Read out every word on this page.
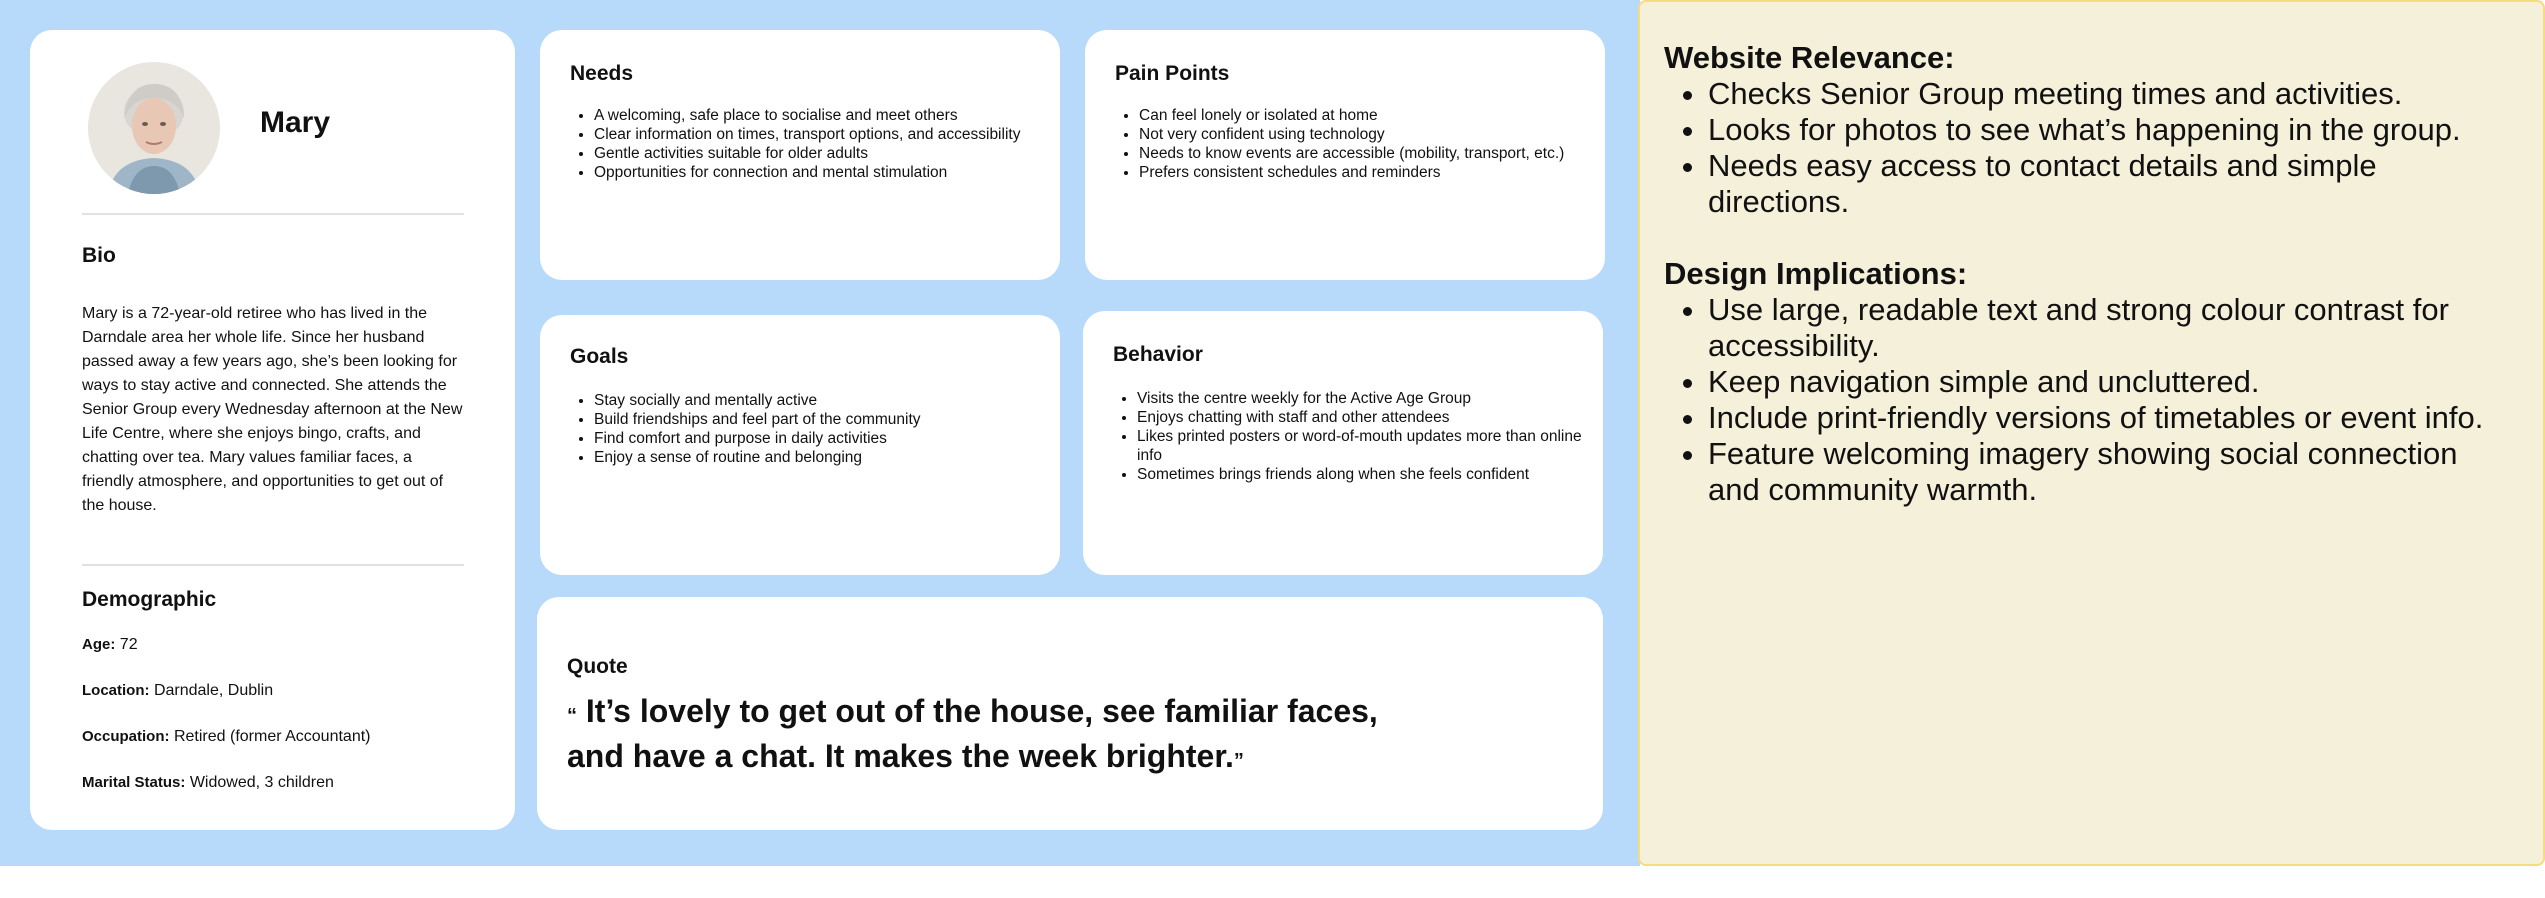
Mary
Bio
Mary is a 72-year-old retiree who has lived in the Darndale area her whole life. Since her husband passed away a few years ago, she’s been looking for ways to stay active and connected. She attends the Senior Group every Wednesday afternoon at the New Life Centre, where she enjoys bingo, crafts, and chatting over tea. Mary values familiar faces, a friendly atmosphere, and opportunities to get out of the house.
Demographic
Age: 72
Location: Darndale, Dublin
Occupation: Retired (former Accountant)
Marital Status: Widowed, 3 children
Needs
• A welcoming, safe place to socialise and meet others
• Clear information on times, transport options, and accessibility
• Gentle activities suitable for older adults
• Opportunities for connection and mental stimulation
Pain Points
• Can feel lonely or isolated at home
• Not very confident using technology
• Needs to know events are accessible (mobility, transport, etc.)
• Prefers consistent schedules and reminders
Goals
• Stay socially and mentally active
• Build friendships and feel part of the community
• Find comfort and purpose in daily activities
• Enjoy a sense of routine and belonging
Behavior
• Visits the centre weekly for the Active Age Group
• Enjoys chatting with staff and other attendees
• Likes printed posters or word-of-mouth updates more than online info
• Sometimes brings friends along when she feels confident
Quote
“ It’s lovely to get out of the house, see familiar faces, and have a chat. It makes the week brighter.”
Website Relevance:
• Checks Senior Group meeting times and activities.
• Looks for photos to see what’s happening in the group.
• Needs easy access to contact details and simple directions.
Design Implications:
• Use large, readable text and strong colour contrast for accessibility.
• Keep navigation simple and uncluttered.
• Include print-friendly versions of timetables or event info.
• Feature welcoming imagery showing social connection and community warmth.
